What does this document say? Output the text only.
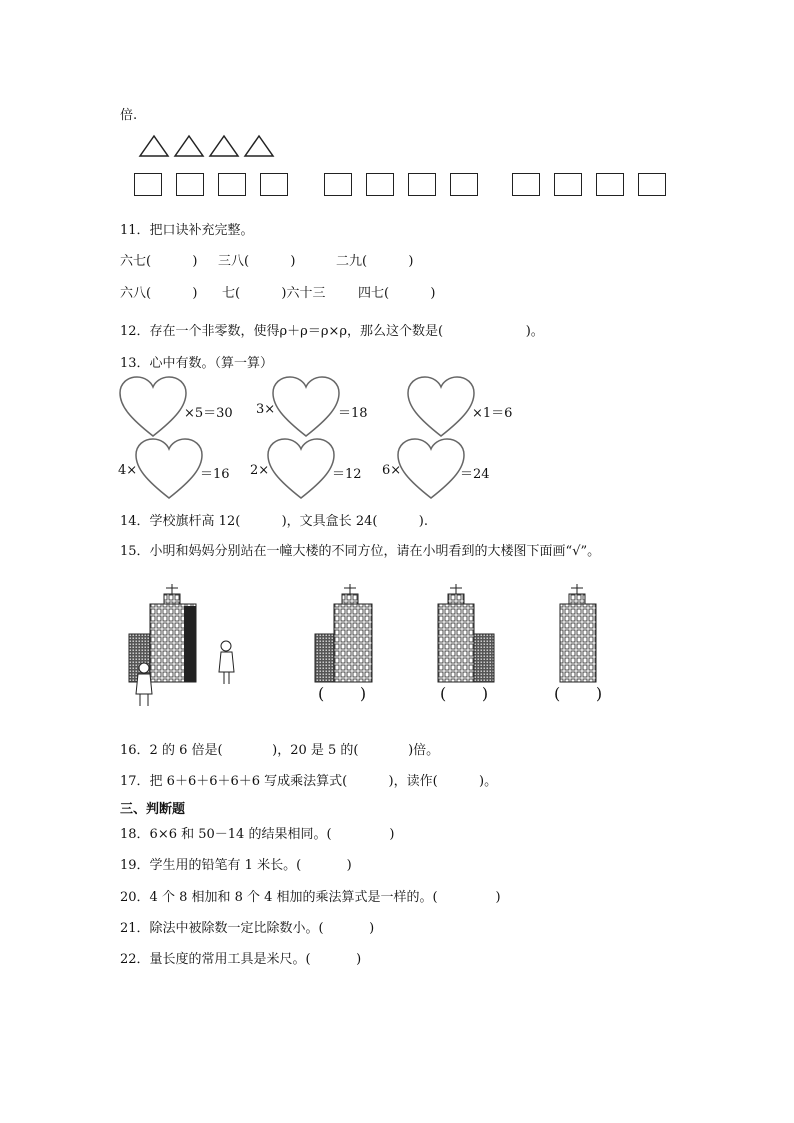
倍.
11．把口诀补充完整。
六七(          ) 三八(          )	二九(          )
六八(          ) 七(          )六十三	四七(          )
12．存在一个非零数，使得ρ＋ρ＝ρ×ρ，那么这个数是(                    )。
13．心中有数。（算一算）
×5＝30 3×	＝18	×1＝6
4×	＝16 2×	＝12 6×	＝24
14．学校旗杆高 12(          )，文具盒长 24(          ).
15．小明和妈妈分别站在一幢大楼的不同方位，请在小明看到的大楼图下面画“√”。
(       )	(       )	(       )
16．2 的 6 倍是(            )，20 是 5 的(            )倍。
17．把 6＋6＋6＋6＋6 写成乘法算式(          )，读作(          )。
三、判断题
18．6×6 和 50－14 的结果相同。(              )
19．学生用的铅笔有 1 米长。(           )
20．4 个 8 相加和 8 个 4 相加的乘法算式是一样的。(              )
21．除法中被除数一定比除数小。(           )
22．量长度的常用工具是米尺。(           )
